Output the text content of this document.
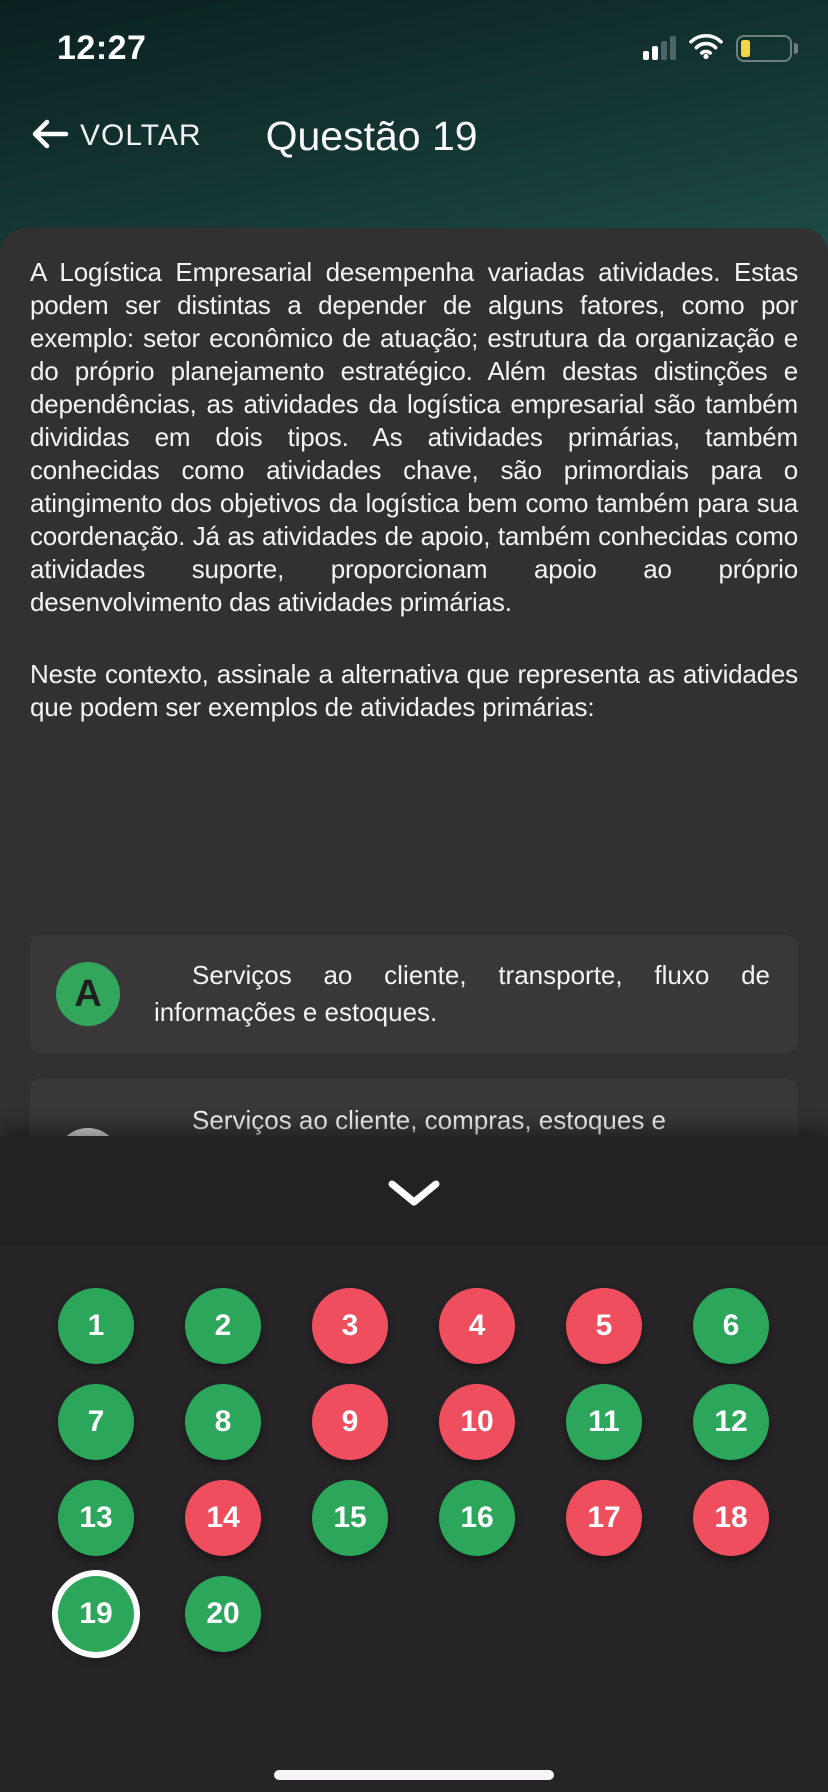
12:27
VOLTAR Questão 19

A Logística Empresarial desempenha variadas atividades. Estas podem ser distintas a depender de alguns fatores, como por exemplo: setor econômico de atuação; estrutura da organização e do próprio planejamento estratégico. Além destas distinções e dependências, as atividades da logística empresarial são também divididas em dois tipos. As atividades primárias, também conhecidas como atividades chave, são primordiais para o atingimento dos objetivos da logística bem como também para sua coordenação. Já as atividades de apoio, também conhecidas como atividades suporte, proporcionam apoio ao próprio desenvolvimento das atividades primárias.

Neste contexto, assinale a alternativa que representa as atividades que podem ser exemplos de atividades primárias:

A	Serviços ao cliente, transporte, fluxo de informações e estoques.
Serviços ao cliente, compras, estoques e
1	2	3	4	5	6
7	8	9	10	11	12
13	14	15	16	17	18
19	20
